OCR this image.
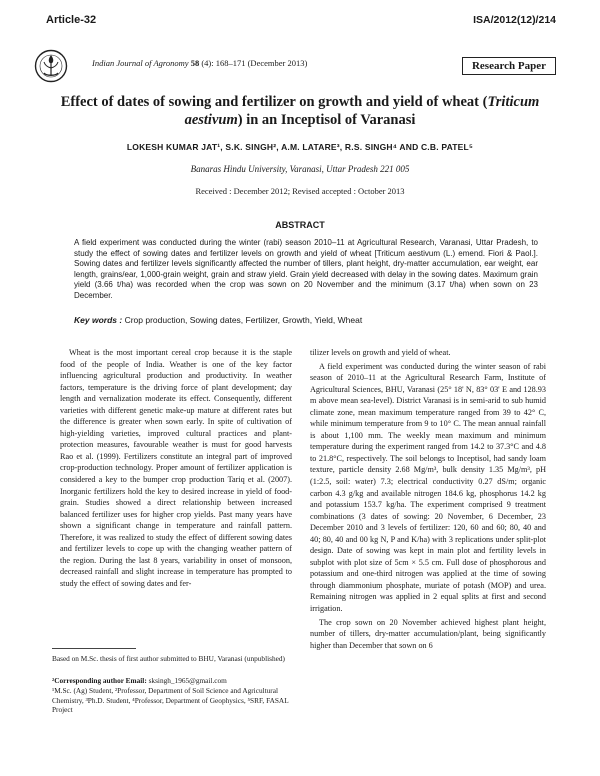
Article-32	ISA/2012(12)/214
Indian Journal of Agronomy 58 (4): 168–171 (December 2013)	Research Paper
Effect of dates of sowing and fertilizer on growth and yield of wheat (Triticum aestivum) in an Inceptisol of Varanasi
LOKESH KUMAR JAT¹, S.K. SINGH², A.M. LATARE³, R.S. SINGH⁴ AND C.B. PATEL⁵
Banaras Hindu University, Varanasi, Uttar Pradesh 221 005
Received : December 2012; Revised accepted : October 2013
ABSTRACT
A field experiment was conducted during the winter (rabi) season 2010–11 at Agricultural Research, Varanasi, Uttar Pradesh, to study the effect of sowing dates and fertilizer levels on growth and yield of wheat [Triticum aestivum (L.) emend. Fiori & Paol.]. Sowing dates and fertilizer levels significantly affected the number of tillers, plant height, dry-matter accumulation, ear weight, ear length, grains/ear, 1,000-grain weight, grain and straw yield. Grain yield decreased with delay in the sowing dates. Maximum grain yield (3.66 t/ha) was recorded when the crop was sown on 20 November and the minimum (3.17 t/ha) when sown on 23 December.
Key words : Crop production, Sowing dates, Fertilizer, Growth, Yield, Wheat
Wheat is the most important cereal crop because it is the staple food of the people of India. Weather is one of the key factor influencing agricultural production and productivity. In weather factors, temperature is the driving force of plant development; day length and vernalization moderate its effect. Consequently, different varieties with different genetic make-up mature at different rates but the difference is greater when sown early. In spite of cultivation of high-yielding varieties, improved cultural practices and plant-protection measures, favourable weather is must for good harvests Rao et al. (1999). Fertilizers constitute an integral part of improved crop-production technology. Proper amount of fertilizer application is considered a key to the bumper crop production Tariq et al. (2007). Inorganic fertilizers hold the key to desired increase in yield of food-grain. Studies showed a direct relationship between increased balanced fertilizer uses for higher crop yields. Past many years have shown a significant change in temperature and rainfall pattern. Therefore, it was realized to study the effect of different sowing dates and fertilizer levels to cope up with the changing weather pattern of the region. During the last 8 years, variability in onset of monsoon, decreased rainfall and slight increase in temperature has prompted to study the effect of sowing dates and fer-

tilizer levels on growth and yield of wheat.

A field experiment was conducted during the winter season of rabi season of 2010–11 at the Agricultural Research Farm, Institute of Agricultural Sciences, BHU, Varanasi (25° 18' N, 83° 03' E and 128.93 m above mean sea-level). District Varanasi is in semi-arid to sub humid climate zone, mean maximum temperature ranged from 39 to 42° C, while minimum temperature from 9 to 10° C. The mean annual rainfall is about 1,100 mm. The weekly mean maximum and minimum temperature during the experiment ranged from 14.2 to 37.3°C and 4.8 to 21.8°C, respectively. The soil belongs to Inceptisol, had sandy loam texture, particle density 2.68 Mg/m³, bulk density 1.35 Mg/m³, pH (1:2.5, soil: water) 7.3; electrical conductivity 0.27 dS/m; organic carbon 4.3 g/kg and available nitrogen 184.6 kg, phosphorus 14.2 kg and potassium 153.7 kg/ha. The experiment comprised 9 treatment combinations (3 dates of sowing: 20 November, 6 December, 23 December 2010 and 3 levels of fertilizer: 120, 60 and 60; 80, 40 and 40; 80, 40 and 00 kg N, P and K/ha) with 3 replications under split-plot design. Date of sowing was kept in main plot and fertility levels in subplot with plot size of 5cm × 5.5 cm. Full dose of phosphorous and potassium and one-third nitrogen was applied at the time of sowing through diammonium phosphate, muriate of potash (MOP) and urea. Remaining nitrogen was applied in 2 equal splits at first and second irrigation.

The crop sown on 20 November achieved highest plant height, number of tillers, dry-matter accumulation/plant, being significantly higher than December that sown on 6

Based on M.Sc. thesis of first author submitted to BHU, Varanasi (unpublished)
²Corresponding author Email: sksingh_1965@gmail.com
¹M.Sc. (Ag) Student, ²Professor, Department of Soil Science and Agricultural Chemistry, ³Ph.D. Student, ⁴Professor, Department of Geophysics, ⁵SRF, FASAL Project
